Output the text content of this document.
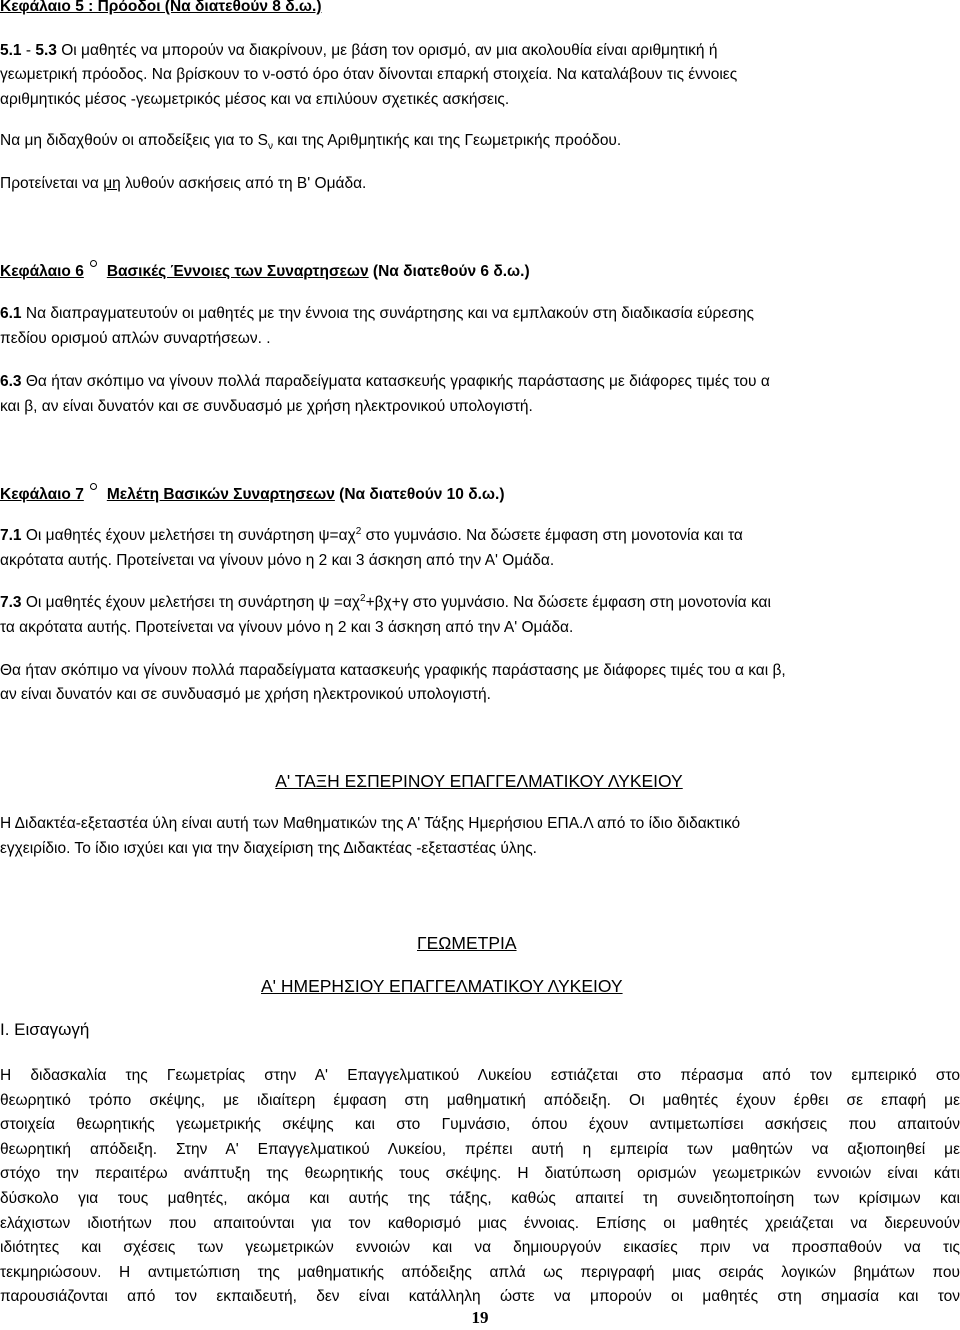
Κεφάλαιο 5 : Πρόοδοι (Να διατεθούν 8 δ.ω.)
5.1 - 5.3 Οι μαθητές να μπορούν να διακρίνουν, με βάση τον ορισμό, αν μια ακολουθία είναι αριθμητική ή
γεωμετρική πρόοδος. Να βρίσκουν το ν-οστό όρο όταν δίνονται επαρκή στοιχεία. Να καταλάβουν τις έννοιες
αριθμητικός μέσος -γεωμετρικός μέσος και να επιλύουν σχετικές ασκήσεις.
Να μη διδαχθούν οι αποδείξεις για το $S_\nu$ και της Αριθμητικής και της Γεωμετρικής προόδου.
Προτείνεται να μη λυθούν ασκήσεις από τη Β' Ομάδα.
Κεφάλαιο 6 Βασικές Έννοιες των Συναρτησεων (Να διατεθούν 6 δ.ω.)
6.1 Να διαπραγματευτούν οι μαθητές με την έννοια της συνάρτησης και να εμπλακούν στη διαδικασία εύρεσης
πεδίου ορισμού απλών συναρτήσεων. .
6.3 Θα ήταν σκόπιμο να γίνουν πολλά παραδείγματα κατασκευής γραφικής παράστασης με διάφορες τιμές του α
και β, αν είναι δυνατόν και σε συνδυασμό με χρήση ηλεκτρονικού υπολογιστή.
Κεφάλαιο 7 Μελέτη Βασικών Συναρτησεων (Να διατεθούν 10 δ.ω.)
7.1 Οι μαθητές έχουν μελετήσει τη συνάρτηση $\psi=\alpha\chi^2$ στο γυμνάσιο. Να δώσετε έμφαση στη μονοτονία και τα
ακρότατα αυτής. Προτείνεται να γίνουν μόνο η 2 και 3 άσκηση από την Α' Ομάδα.
7.3 Οι μαθητές έχουν μελετήσει τη συνάρτηση $\psi =\alpha\chi^2+\beta\chi+\gamma$ στο γυμνάσιο. Να δώσετε έμφαση στη μονοτονία και
τα ακρότατα αυτής. Προτείνεται να γίνουν μόνο η 2 και 3 άσκηση από την Α' Ομάδα.
Θα ήταν σκόπιμο να γίνουν πολλά παραδείγματα κατασκευής γραφικής παράστασης με διάφορες τιμές του α και β,
αν είναι δυνατόν και σε συνδυασμό με χρήση ηλεκτρονικού υπολογιστή.
Α' ΤΑΞΗ ΕΣΠΕΡΙΝΟΥ ΕΠΑΓΓΕΛΜΑΤΙΚΟΥ ΛΥΚΕΙΟΥ
Η Διδακτέα-εξεταστέα ύλη είναι αυτή των Μαθηματικών της Α' Τάξης Ημερήσιου ΕΠΑ.Λ από το ίδιο διδακτικό
εγχειρίδιο. Το ίδιο ισχύει και για την διαχείριση της Διδακτέας -εξεταστέας ύλης.
ΓΕΩΜΕΤΡΙΑ
Α' ΗΜΕΡΗΣΙΟΥ ΕΠΑΓΓΕΛΜΑΤΙΚΟΥ ΛΥΚΕΙΟΥ
Ι. Εισαγωγή
Η διδασκαλία της Γεωμετρίας στην Α' Επαγγελματικού Λυκείου εστιάζεται στο πέρασμα από τον εμπειρικό στο
θεωρητικό τρόπο σκέψης, με ιδιαίτερη έμφαση στη μαθηματική απόδειξη. Οι μαθητές έχουν έρθει σε επαφή με
στοιχεία θεωρητικής γεωμετρικής σκέψης και στο Γυμνάσιο, όπου έχουν αντιμετωπίσει ασκήσεις που απαιτούν
θεωρητική απόδειξη. Στην Α' Επαγγελματικού Λυκείου, πρέπει αυτή η εμπειρία των μαθητών να αξιοποιηθεί με
στόχο την περαιτέρω ανάπτυξη της θεωρητικής τους σκέψης. Η διατύπωση ορισμών γεωμετρικών εννοιών είναι κάτι
δύσκολο για τους μαθητές, ακόμα και αυτής της τάξης, καθώς απαιτεί τη συνειδητοποίηση των κρίσιμων και
ελάχιστων ιδιοτήτων που απαιτούνται για τον καθορισμό μιας έννοιας. Επίσης οι μαθητές χρειάζεται να διερευνούν
ιδιότητες και σχέσεις των γεωμετρικών εννοιών και να δημιουργούν εικασίες πριν να προσπαθούν να τις
τεκμηριώσουν. Η αντιμετώπιση της μαθηματικής απόδειξης απλά ως περιγραφή μιας σειράς λογικών βημάτων που
παρουσιάζονται από τον εκπαιδευτή, δεν είναι κατάλληλη ώστε να μπορούν οι μαθητές στη σημασία και τον
19
